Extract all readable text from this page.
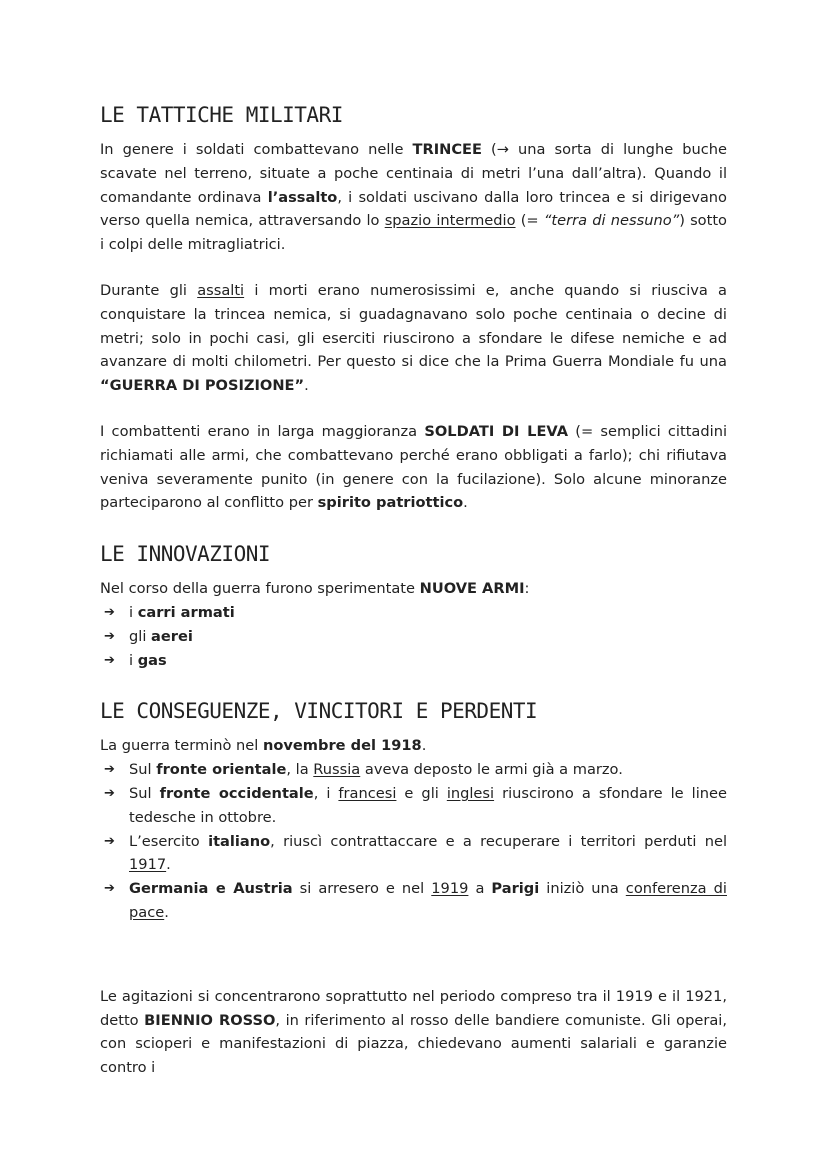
LE TATTICHE MILITARI

In genere i soldati combattevano nelle TRINCEE (→ una sorta di lunghe buche scavate nel terreno, situate a poche centinaia di metri l’una dall’altra). Quando il comandante ordinava l’assalto, i soldati uscivano dalla loro trincea e si dirigevano verso quella nemica, attraversando lo spazio intermedio (= “terra di nessuno”) sotto i colpi delle mitragliatrici.

Durante gli assalti i morti erano numerosissimi e, anche quando si riusciva a conquistare la trincea nemica, si guadagnavano solo poche centinaia o decine di metri; solo in pochi casi, gli eserciti riuscirono a sfondare le difese nemiche e ad avanzare di molti chilometri. Per questo si dice che la Prima Guerra Mondiale fu una “GUERRA DI POSIZIONE”.

I combattenti erano in larga maggioranza SOLDATI DI LEVA (= semplici cittadini richiamati alle armi, che combattevano perché erano obbligati a farlo); chi rifiutava veniva severamente punito (in genere con la fucilazione). Solo alcune minoranze parteciparono al conflitto per spirito patriottico.

LE INNOVAZIONI

Nel corso della guerra furono sperimentate NUOVE ARMI:

➔ i carri armati
➔ gli aerei
➔ i gas
LE CONSEGUENZE, VINCITORI E PERDENTI

La guerra terminò nel novembre del 1918.

➔ Sul fronte orientale, la Russia aveva deposto le armi già a marzo.
➔ Sul fronte occidentale, i francesi e gli inglesi riuscirono a sfondare le linee tedesche in ottobre.
➔ L’esercito italiano, riuscì contrattaccare e a recuperare i territori perduti nel 1917.
➔ Germania e Austria si arresero e nel 1919 a Parigi iniziò una conferenza di pace.

Le agitazioni si concentrarono soprattutto nel periodo compreso tra il 1919 e il 1921, detto BIENNIO ROSSO, in riferimento al rosso delle bandiere comuniste. Gli operai, con scioperi e manifestazioni di piazza, chiedevano aumenti salariali e garanzie contro i
